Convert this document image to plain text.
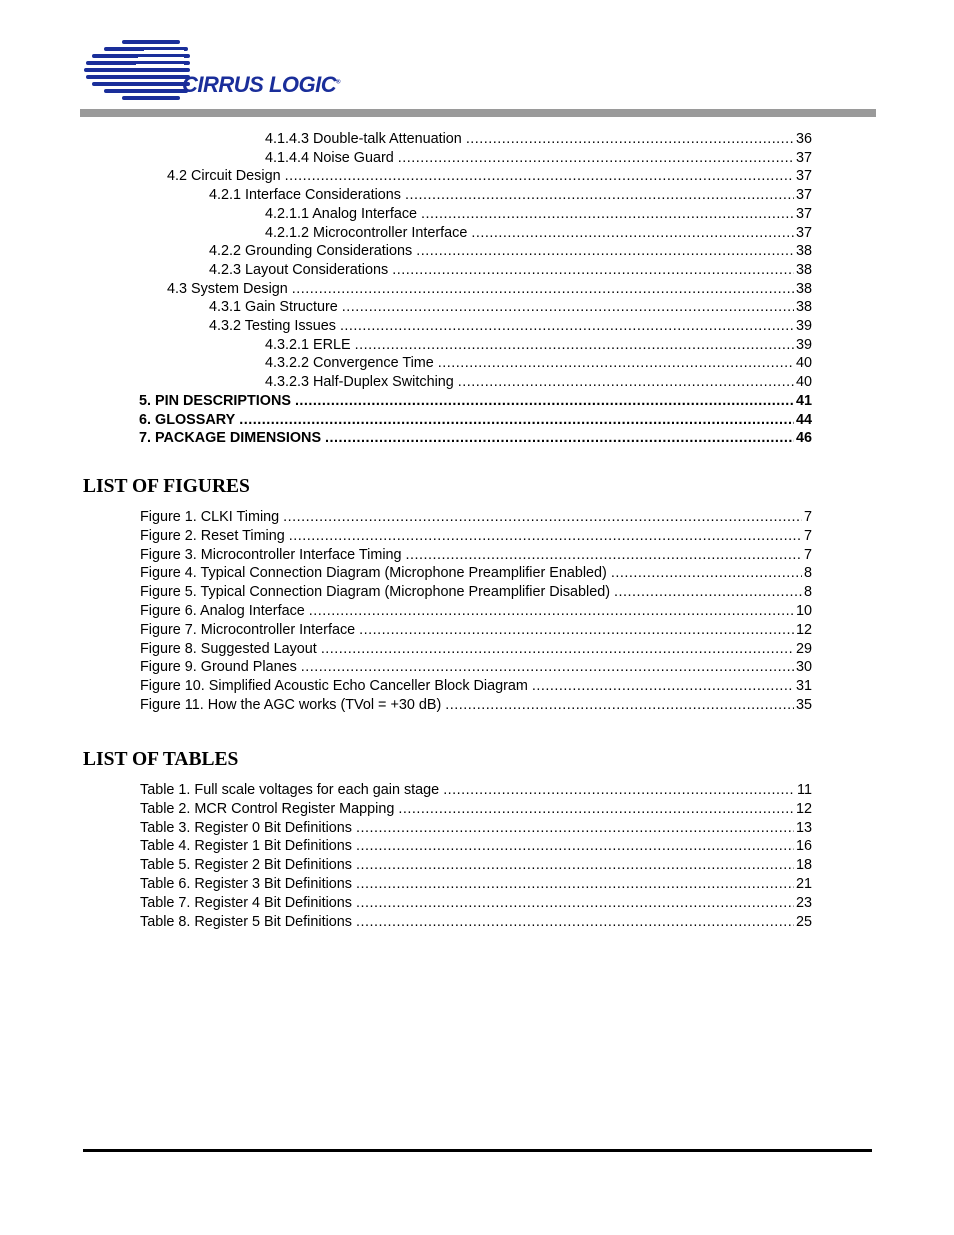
CIRRUS LOGIC®
4.1.4.3 Double-talk Attenuation .....	36
4.1.4.4 Noise Guard .....	37
4.2 Circuit Design .....	37
4.2.1 Interface Considerations .....	37
4.2.1.1 Analog Interface .....	37
4.2.1.2 Microcontroller Interface .....	37
4.2.2 Grounding Considerations .....	38
4.2.3 Layout Considerations .....	38
4.3 System Design .....	38
4.3.1 Gain Structure .....	38
4.3.2 Testing Issues .....	39
4.3.2.1 ERLE .....	39
4.3.2.2 Convergence Time .....	40
4.3.2.3 Half-Duplex Switching .....	40
5. PIN DESCRIPTIONS .....	41
6. GLOSSARY .....	44
7. PACKAGE DIMENSIONS .....	46
LIST OF FIGURES
Figure 1. CLKI Timing .....	7
Figure 2. Reset Timing .....	7
Figure 3. Microcontroller Interface Timing .....	7
Figure 4. Typical Connection Diagram (Microphone Preamplifier Enabled) .....	8
Figure 5. Typical Connection Diagram (Microphone Preamplifier Disabled) .....	8
Figure 6. Analog Interface .....	10
Figure 7. Microcontroller Interface .....	12
Figure 8. Suggested Layout .....	29
Figure 9. Ground Planes .....	30
Figure 10. Simplified Acoustic Echo Canceller Block Diagram .....	31
Figure 11. How the AGC works (TVol = +30 dB) .....	35
LIST OF TABLES
Table 1. Full scale voltages for each gain stage .....	11
Table 2. MCR Control Register Mapping .....	12
Table 3. Register 0 Bit Definitions .....	13
Table 4. Register 1 Bit Definitions .....	16
Table 5. Register 2 Bit Definitions .....	18
Table 6. Register 3 Bit Definitions .....	21
Table 7. Register 4 Bit Definitions .....	23
Table 8. Register 5 Bit Definitions .....	25
